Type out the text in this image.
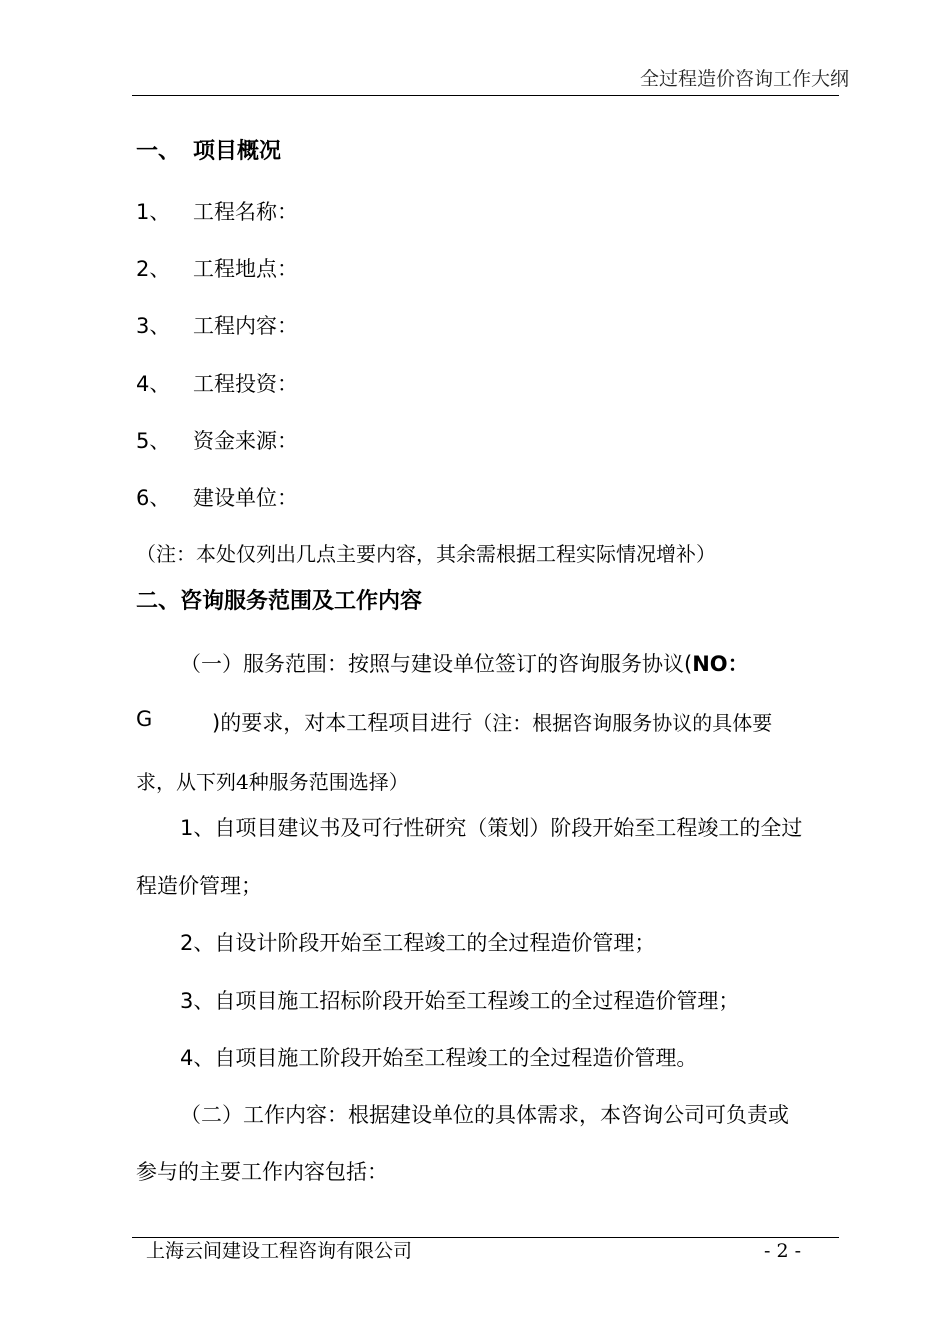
全过程造价咨询工作大纲
一、 项目概况
1、 工程名称：
2、 工程地点：
3、 工程内容：
4、 工程投资：
5、 资金来源：
6、 建设单位：
（注：本处仅列出几点主要内容，其余需根据工程实际情况增补）
二、咨询服务范围及工作内容
（一）服务范围：按照与建设单位签订的咨询服务协议(NO：
G	)的要求，对本工程项目进行（注：根据咨询服务协议的具体要
求，从下列4种服务范围选择）
1、自项目建议书及可行性研究（策划）阶段开始至工程竣工的全过
程造价管理；
2、自设计阶段开始至工程竣工的全过程造价管理；
3、自项目施工招标阶段开始至工程竣工的全过程造价管理；
4、自项目施工阶段开始至工程竣工的全过程造价管理。
（二）工作内容：根据建设单位的具体需求，本咨询公司可负责或
参与的主要工作内容包括：
上海云间建设工程咨询有限公司	- 2 -
